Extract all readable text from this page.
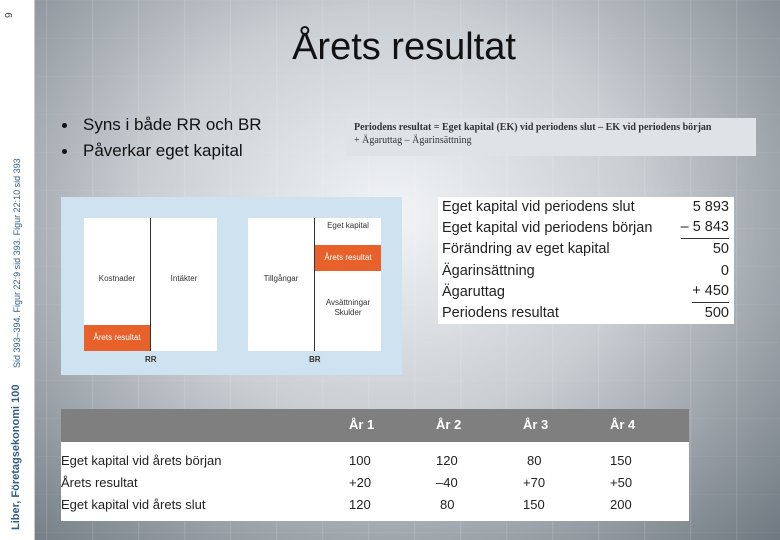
9
Sid 393–394. Figur 22:9 sid 393. Figur 22:10 sid 393
Liber, Företagsekonomi 100
Årets resultat
Syns i både RR och BR
Påverkar eget kapital
Periodens resultat = Eget kapital (EK) vid periodens slut – EK vid periodens början
+ Ägaruttag – Ägarinsättning
Kostnader	Intäkter
Årets resultat
RR
Tillgångar
Eget kapital
Årets resultat
Avsättningar Skulder
BR
Eget kapital vid periodens slut	5 893
Eget kapital vid periodens början – 5 843
Förändring av eget kapital	50
Ägarinsättning	0
Ägaruttag	+ 450
Periodens resultat	500
År 1	År 2	År 3	År 4
Eget kapital vid årets början	100	120	80	150
Årets resultat	+20	–40	+70	+50
Eget kapital vid årets slut	120	80	150	200
